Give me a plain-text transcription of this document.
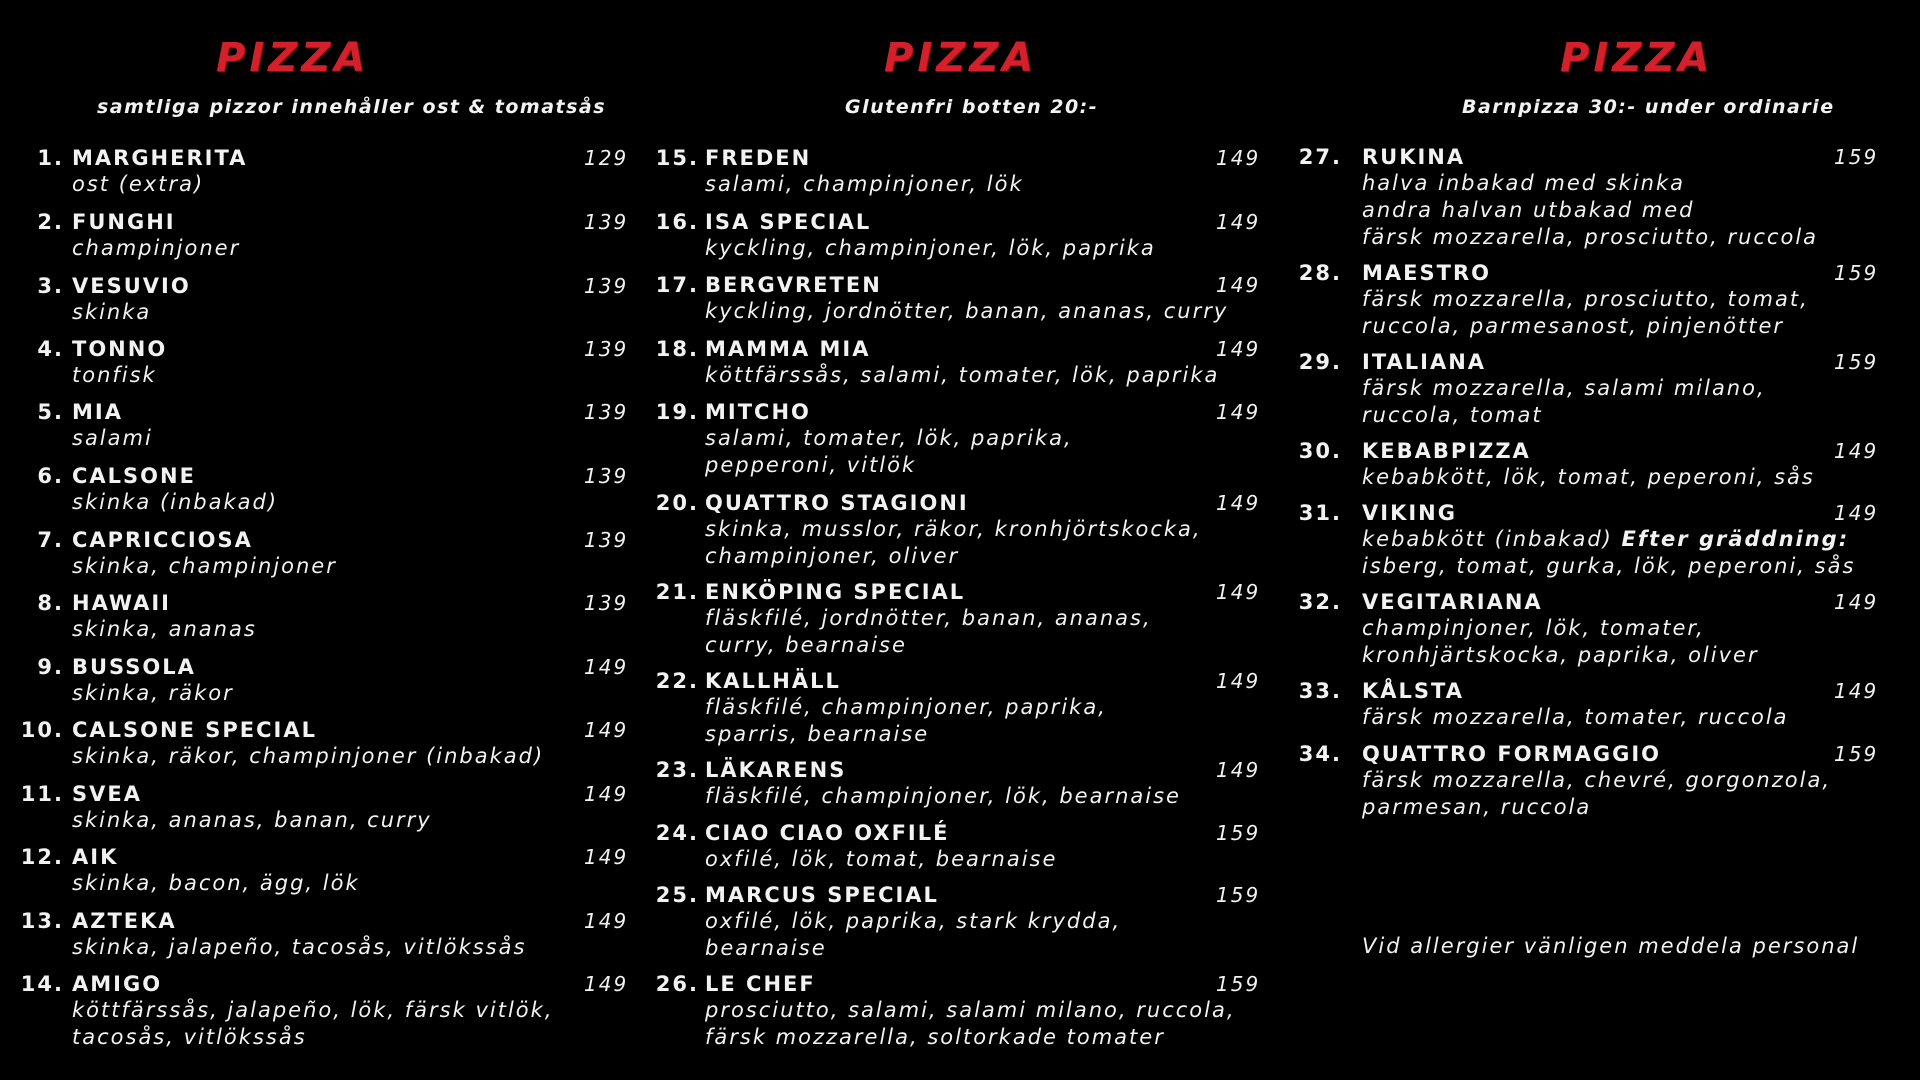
PIZZA
samtliga pizzor innehåller ost & tomatsås
1. MARGHERITA	129
ost (extra)
2. FUNGHI	139
champinjoner
3. VESUVIO	139
skinka
4. TONNO	139
tonfisk
5. MIA	139
salami
6. CALSONE	139
skinka (inbakad)
7. CAPRICCIOSA	139
skinka, champinjoner
8. HAWAII	139
skinka, ananas
9. BUSSOLA	149
skinka, räkor
10. CALSONE SPECIAL	149
skinka, räkor, champinjoner (inbakad)
11. SVEA	149
skinka, ananas, banan, curry
12. AIK	149
skinka, bacon, ägg, lök
13. AZTEKA	149
skinka, jalapeño, tacosås, vitlökssås
14. AMIGO	149
köttfärssås, jalapeño, lök, färsk vitlök,
tacosås, vitlökssås
PIZZA
Glutenfri botten 20:-
15. FREDEN	149
salami, champinjoner, lök
16. ISA SPECIAL	149
kyckling, champinjoner, lök, paprika
17. BERGVRETEN	149
kyckling, jordnötter, banan, ananas, curry
18. MAMMA MIA	149
köttfärssås, salami, tomater, lök, paprika
19. MITCHO	149
salami, tomater, lök, paprika,
pepperoni, vitlök
20. QUATTRO STAGIONI	149
skinka, musslor, räkor, kronhjörtskocka,
champinjoner, oliver
21. ENKÖPING SPECIAL	149
fläskfilé, jordnötter, banan, ananas,
curry, bearnaise
22. KALLHÄLL	149
fläskfilé, champinjoner, paprika,
sparris, bearnaise
23. LÄKARENS	149
fläskfilé, champinjoner, lök, bearnaise
24. CIAO CIAO OXFILÉ	159
oxfilé, lök, tomat, bearnaise
25. MARCUS SPECIAL	159
oxfilé, lök, paprika, stark krydda,
bearnaise
26. LE CHEF	159
prosciutto, salami, salami milano, ruccola,
färsk mozzarella, soltorkade tomater
PIZZA
Barnpizza 30:- under ordinarie
27. RUKINA	159
halva inbakad med skinka
andra halvan utbakad med
färsk mozzarella, prosciutto, ruccola
28. MAESTRO	159
färsk mozzarella, prosciutto, tomat,
ruccola, parmesanost, pinjenötter
29. ITALIANA	159
färsk mozzarella, salami milano,
ruccola, tomat
30. KEBABPIZZA	149
kebabkött, lök, tomat, peperoni, sås
31. VIKING	149
kebabkött (inbakad) Efter gräddning:
isberg, tomat, gurka, lök, peperoni, sås
32. VEGITARIANA	149
champinjoner, lök, tomater,
kronhjärtskocka, paprika, oliver
33. KÅLSTA	149
färsk mozzarella, tomater, ruccola
34. QUATTRO FORMAGGIO	159
färsk mozzarella, chevré, gorgonzola,
parmesan, ruccola
Vid allergier vänligen meddela personal
